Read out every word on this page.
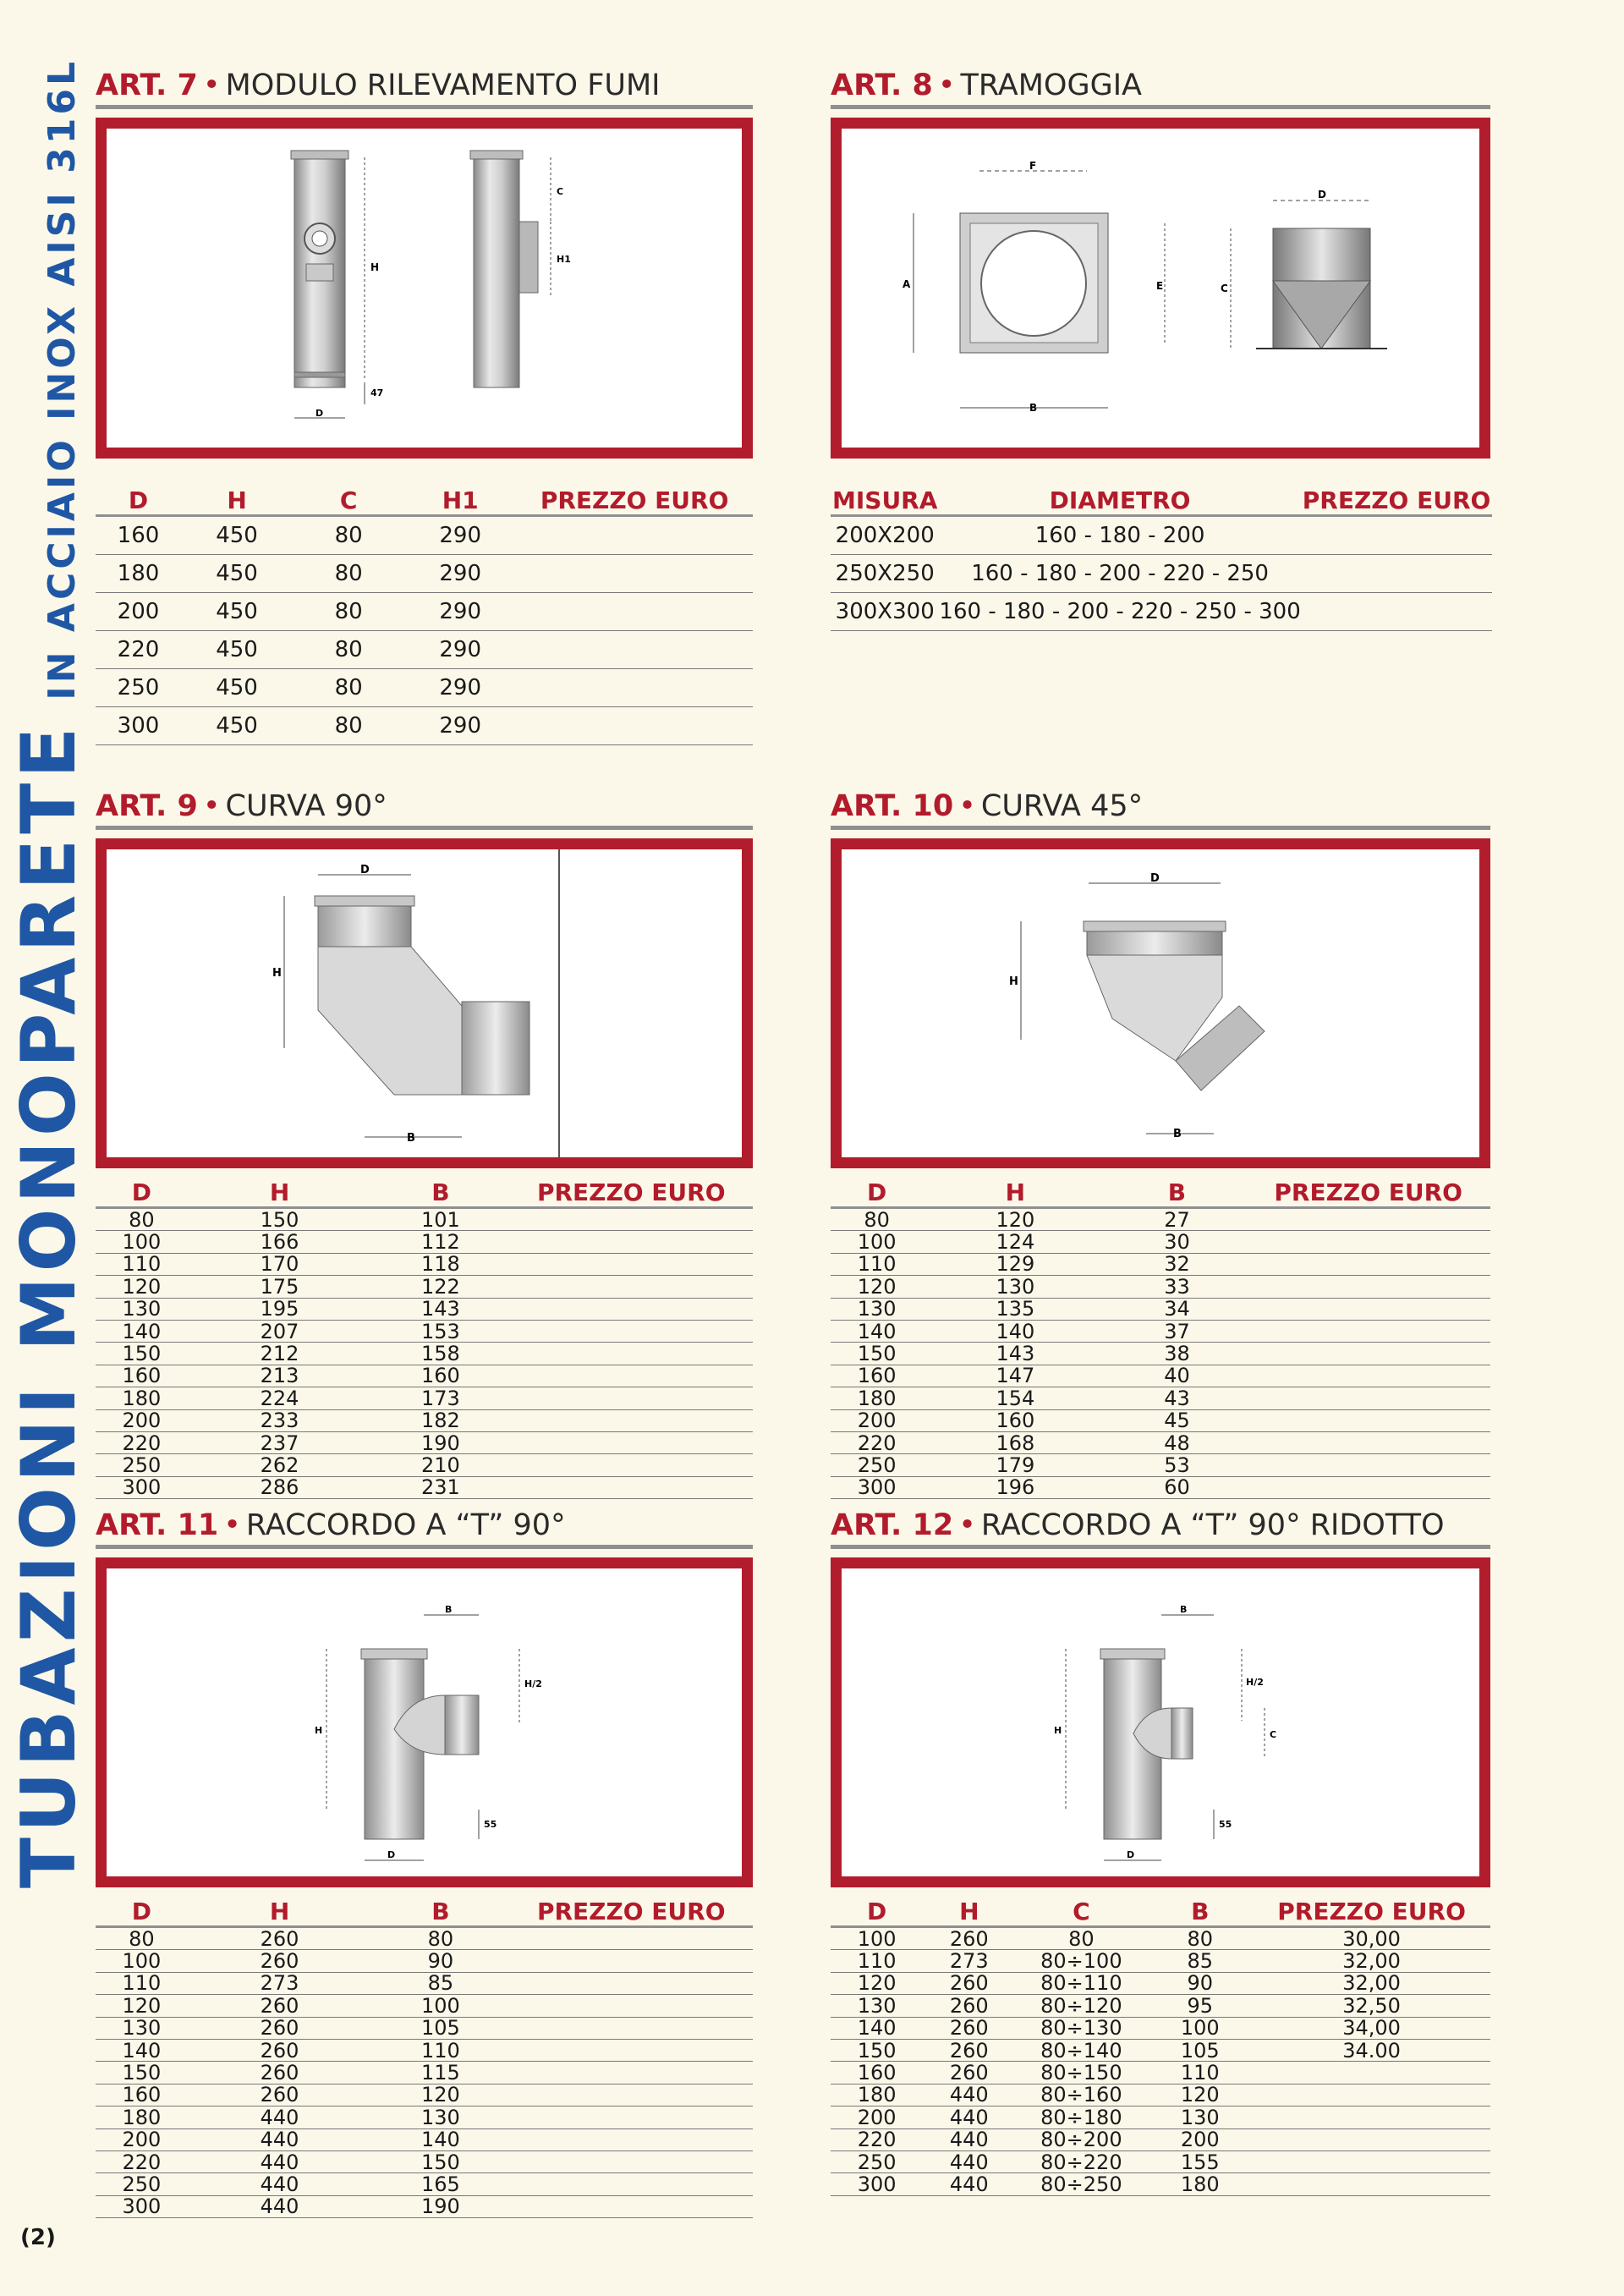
TUBAZIONI MONOPARETE
IN ACCIAIO INOX AISI 316L ART. 7 • MODULO RILEVAMENTO FUMI
H
47
D
C
H1
D	H	C	H1	PREZZO EURO
160	450	80	290	
180	450	80	290	
200	450	80	290	
220	450	80	290	
250	450	80	290	
300	450	80	290	
ART. 8 • TRAMOGGIA
F
A	E
B
D
C
MISURA	DIAMETRO	PREZZO EURO
200X200	160 - 180 - 200	
250X250	160 - 180 - 200 - 220 - 250	
300X300	160 - 180 - 200 - 220 - 250 - 300	
ART. 9 • CURVA 90°
D
H
B
D	H	B	PREZZO EURO
80	150	101	
100	166	112	
110	170	118	
120	175	122	
130	195	143	
140	207	153	
150	212	158	
160	213	160	
180	224	173	
200	233	182	
220	237	190	
250	262	210	
300	286	231	
ART. 10 • CURVA 45°
D
H
B
D	H	B	PREZZO EURO
80	120	27	
100	124	30	
110	129	32	
120	130	33	
130	135	34	
140	140	37	
150	143	38	
160	147	40	
180	154	43	
200	160	45	
220	168	48	
250	179	53	
300	196	60	
ART. 11 • RACCORDO A “T” 90°
B
H
H/2
55
D
D	H	B	PREZZO EURO
80	260	80	
100	260	90	
110	273	85	
120	260	100	
130	260	105	
140	260	110	
150	260	115	
160	260	120	
180	440	130	
200	440	140	
220	440	150	
250	440	165	
300	440	190	
ART. 12 • RACCORDO A “T” 90° RIDOTTO
B
H
H/2
C
55
D
D	H	C	B	PREZZO EURO
100	260	80	80	30,00
110	273	80÷100	85	32,00
120	260	80÷110	90	32,00
130	260	80÷120	95	32,50
140	260	80÷130	100	34,00
150	260	80÷140	105	34.00
160	260	80÷150	110	
180	440	80÷160	120	
200	440	80÷180	130	
220	440	80÷200	200	
250	440	80÷220	155	
300	440	80÷250	180	
(2)
